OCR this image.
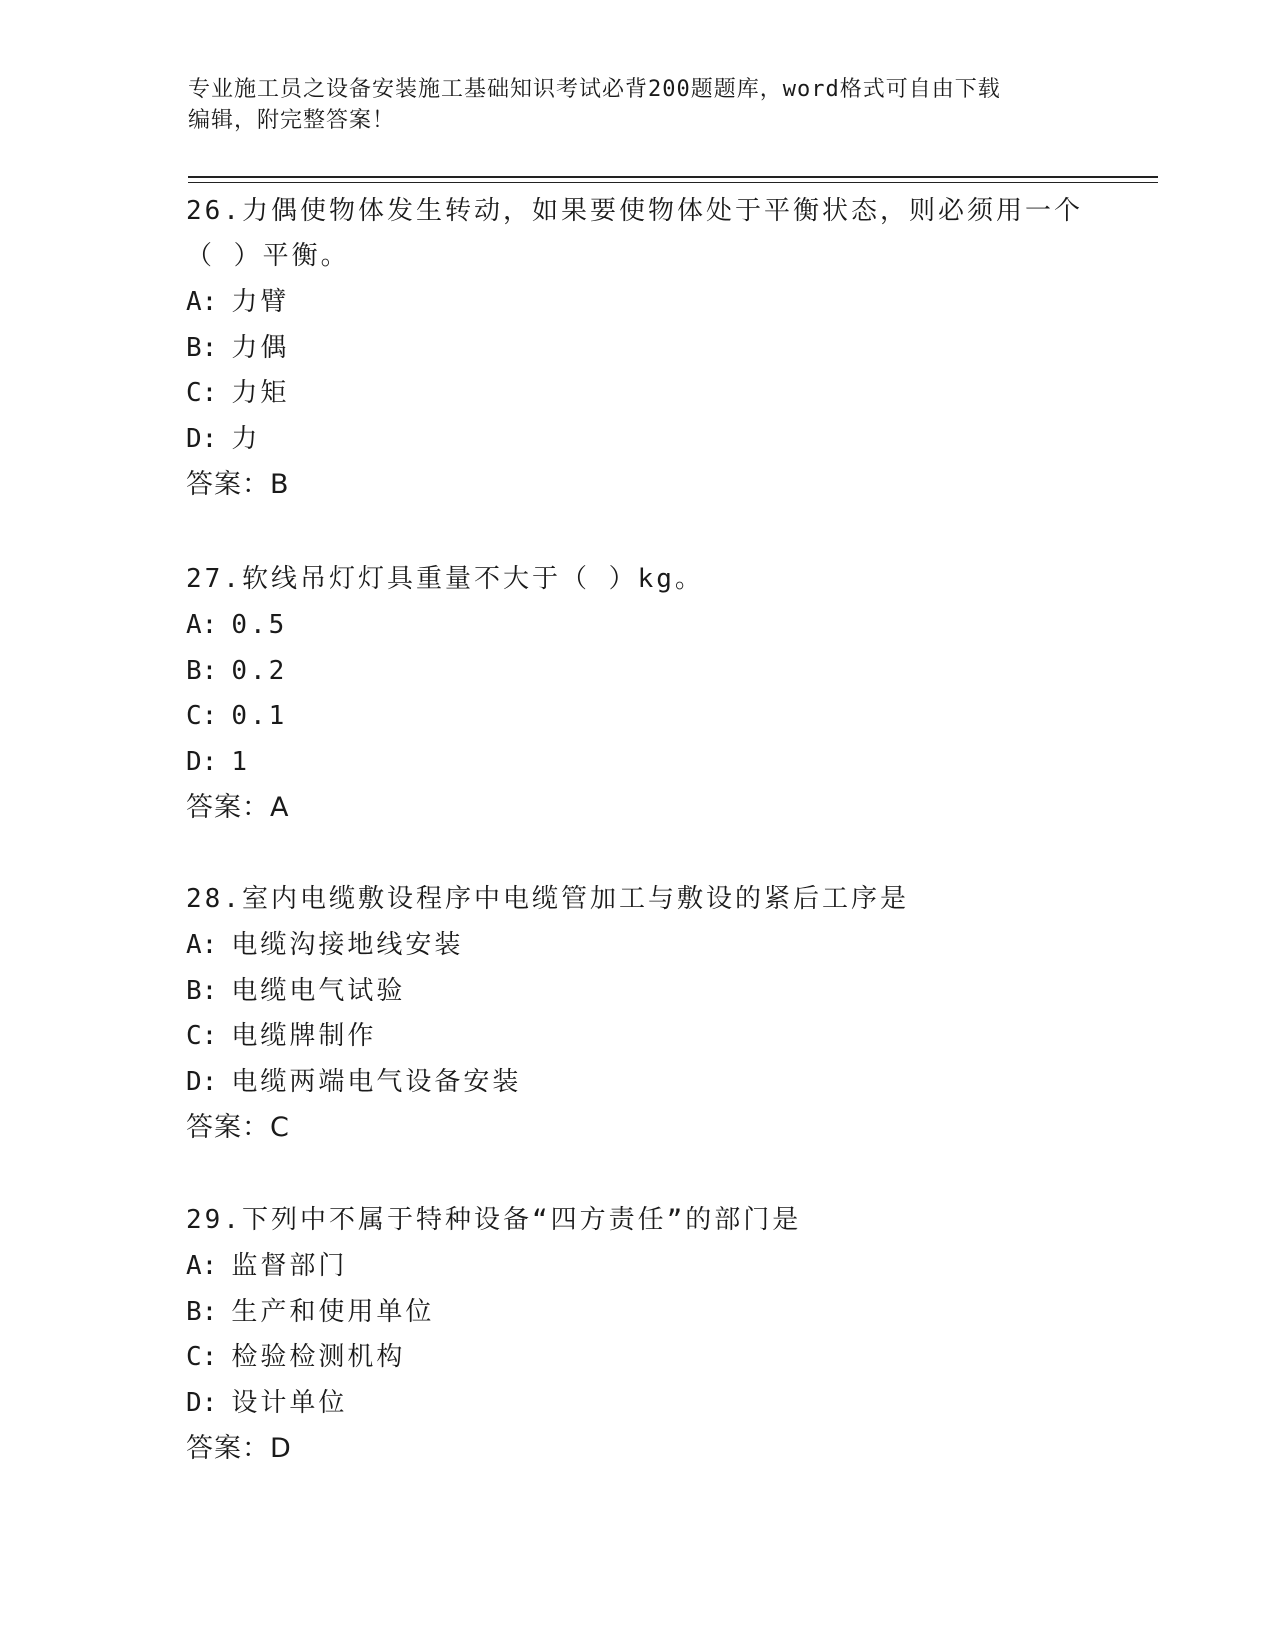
专业施工员之设备安装施工基础知识考试必背200题题库，word格式可自由下载
编辑，附完整答案！
26.力偶使物体发生转动，如果要使物体处于平衡状态，则必须用一个
（ ）平衡。
A: 力臂
B: 力偶
C: 力矩
D: 力
答案：B
27.软线吊灯灯具重量不大于（ ）kg。
A: 0.5
B: 0.2
C: 0.1
D: 1
答案：A
28.室内电缆敷设程序中电缆管加工与敷设的紧后工序是
A: 电缆沟接地线安装
B: 电缆电气试验
C: 电缆牌制作
D: 电缆两端电气设备安装
答案：C
29.下列中不属于特种设备“四方责任”的部门是
A: 监督部门
B: 生产和使用单位
C: 检验检测机构
D: 设计单位
答案：D
